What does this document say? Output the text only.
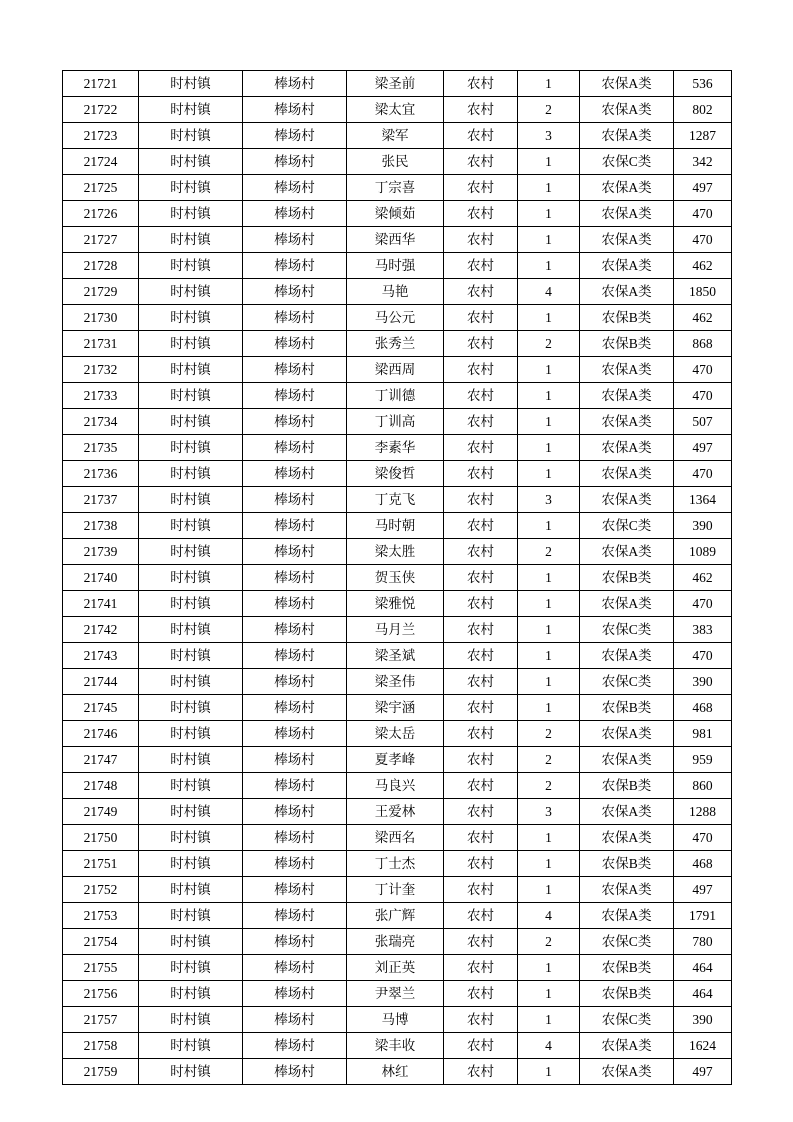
21721	时村镇	棒场村	梁圣前	农村	1	农保A类	536
21722	时村镇	棒场村	梁太宜	农村	2	农保A类	802
21723	时村镇	棒场村	梁军	农村	3	农保A类	1287
21724	时村镇	棒场村	张民	农村	1	农保C类	342
21725	时村镇	棒场村	丁宗喜	农村	1	农保A类	497
21726	时村镇	棒场村	梁倾茹	农村	1	农保A类	470
21727	时村镇	棒场村	梁西华	农村	1	农保A类	470
21728	时村镇	棒场村	马时强	农村	1	农保A类	462
21729	时村镇	棒场村	马艳	农村	4	农保A类	1850
21730	时村镇	棒场村	马公元	农村	1	农保B类	462
21731	时村镇	棒场村	张秀兰	农村	2	农保B类	868
21732	时村镇	棒场村	梁西周	农村	1	农保A类	470
21733	时村镇	棒场村	丁训德	农村	1	农保A类	470
21734	时村镇	棒场村	丁训高	农村	1	农保A类	507
21735	时村镇	棒场村	李素华	农村	1	农保A类	497
21736	时村镇	棒场村	梁俊哲	农村	1	农保A类	470
21737	时村镇	棒场村	丁克飞	农村	3	农保A类	1364
21738	时村镇	棒场村	马时朝	农村	1	农保C类	390
21739	时村镇	棒场村	梁太胜	农村	2	农保A类	1089
21740	时村镇	棒场村	贺玉侠	农村	1	农保B类	462
21741	时村镇	棒场村	梁雅悦	农村	1	农保A类	470
21742	时村镇	棒场村	马月兰	农村	1	农保C类	383
21743	时村镇	棒场村	梁圣斌	农村	1	农保A类	470
21744	时村镇	棒场村	梁圣伟	农村	1	农保C类	390
21745	时村镇	棒场村	梁宇涵	农村	1	农保B类	468
21746	时村镇	棒场村	梁太岳	农村	2	农保A类	981
21747	时村镇	棒场村	夏孝峰	农村	2	农保A类	959
21748	时村镇	棒场村	马良兴	农村	2	农保B类	860
21749	时村镇	棒场村	王爱林	农村	3	农保A类	1288
21750	时村镇	棒场村	梁西名	农村	1	农保A类	470
21751	时村镇	棒场村	丁士杰	农村	1	农保B类	468
21752	时村镇	棒场村	丁计奎	农村	1	农保A类	497
21753	时村镇	棒场村	张广辉	农村	4	农保A类	1791
21754	时村镇	棒场村	张瑞亮	农村	2	农保C类	780
21755	时村镇	棒场村	刘正英	农村	1	农保B类	464
21756	时村镇	棒场村	尹翠兰	农村	1	农保B类	464
21757	时村镇	棒场村	马博	农村	1	农保C类	390
21758	时村镇	棒场村	梁丰收	农村	4	农保A类	1624
21759	时村镇	棒场村	林红	农村	1	农保A类	497
